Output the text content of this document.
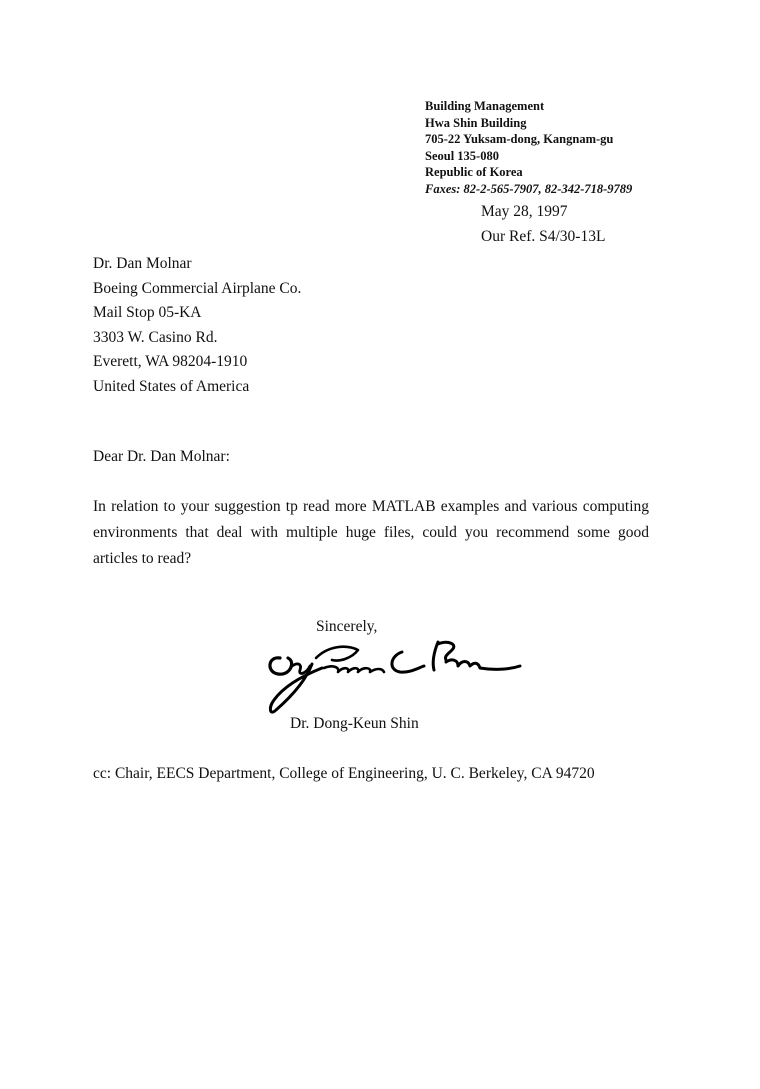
Building Management
Hwa Shin Building
705-22 Yuksam-dong, Kangnam-gu
Seoul 135-080
Republic of Korea
Faxes: 82-2-565-7907, 82-342-718-9789
May 28, 1997
Our Ref. S4/30-13L
Dr. Dan Molnar
Boeing Commercial Airplane Co.
Mail Stop 05-KA
3303 W. Casino Rd.
Everett, WA 98204-1910
United States of America
Dear Dr. Dan Molnar:
In relation to your suggestion tp read more MATLAB examples and various computing environments that deal with multiple huge files, could you recommend some good articles to read?
Sincerely,
Dr. Dong-Keun Shin
cc: Chair, EECS Department, College of Engineering, U. C. Berkeley, CA 94720
